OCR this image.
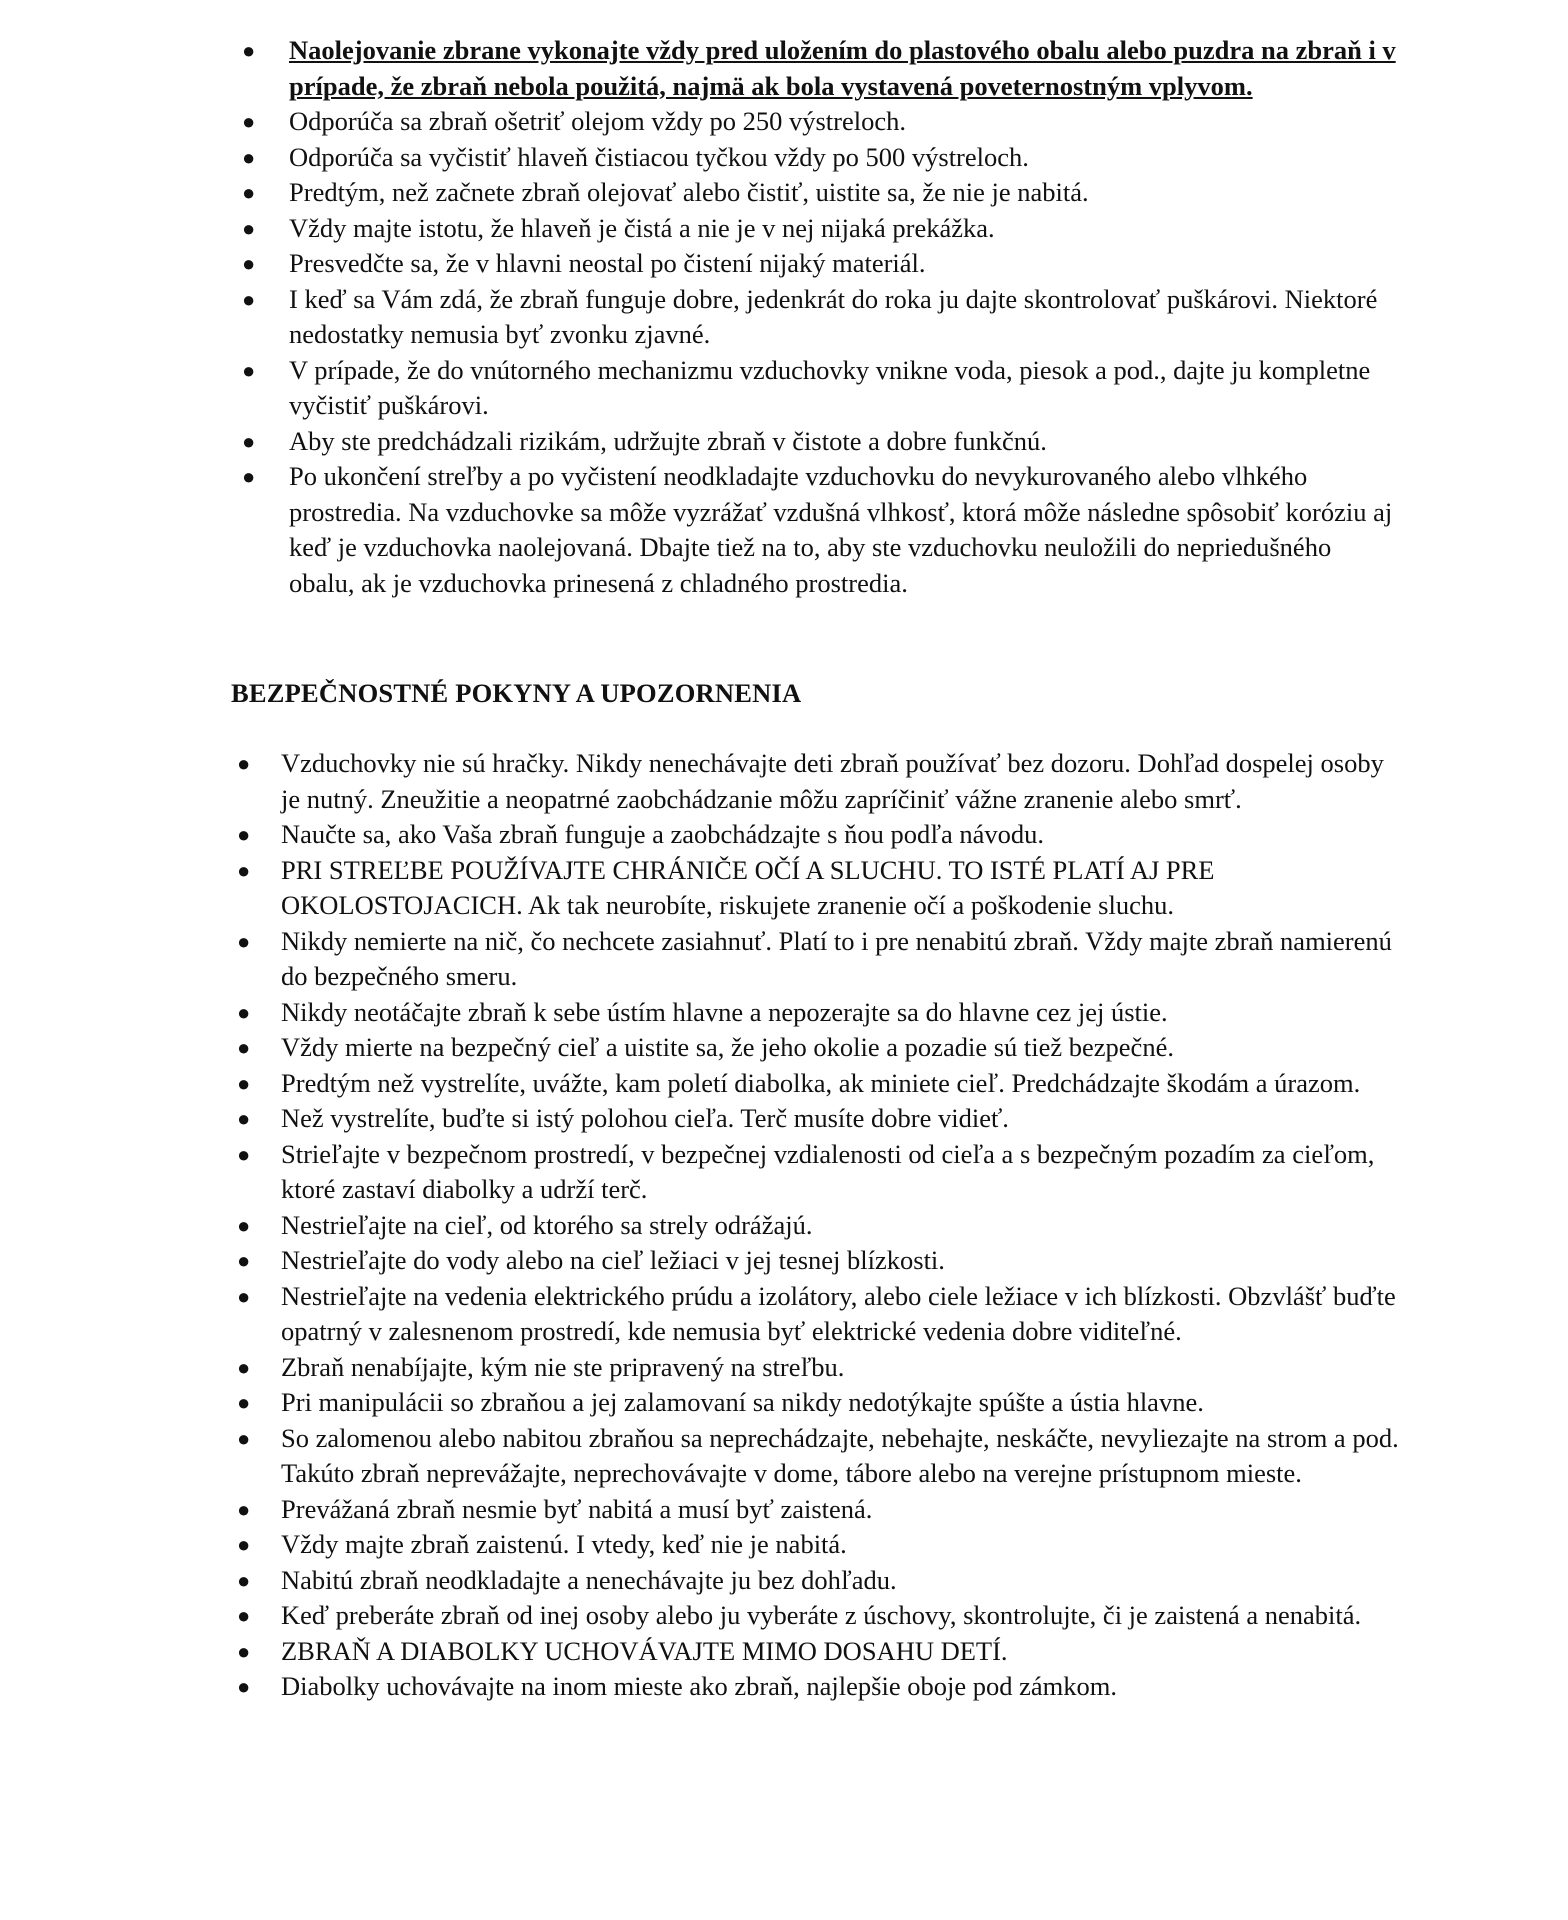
● Naolejovanie zbrane vykonajte vždy pred uložením do plastového obalu alebo puzdra na zbraň i v prípade, že zbraň nebola použitá, najmä ak bola vystavená poveternostným vplyvom.
● Odporúča sa zbraň ošetriť olejom vždy po 250 výstreloch.
● Odporúča sa vyčistiť hlaveň čistiacou tyčkou vždy po 500 výstreloch.
● Predtým, než začnete zbraň olejovať alebo čistiť, uistite sa, že nie je nabitá.
● Vždy majte istotu, že hlaveň je čistá a nie je v nej nijaká prekážka.
● Presvedčte sa, že v hlavni neostal po čistení nijaký materiál.
● I keď sa Vám zdá, že zbraň funguje dobre, jedenkrát do roka ju dajte skontrolovať puškárovi. Niektoré nedostatky nemusia byť zvonku zjavné.
● V prípade, že do vnútorného mechanizmu vzduchovky vnikne voda, piesok a pod., dajte ju kompletne vyčistiť puškárovi.
● Aby ste predchádzali rizikám, udržujte zbraň v čistote a dobre funkčnú.
● Po ukončení streľby a po vyčistení neodkladajte vzduchovku do nevykurovaného alebo vlhkého prostredia. Na vzduchovke sa môže vyzrážať vzdušná vlhkosť, ktorá môže následne spôsobiť koróziu aj keď je vzduchovka naolejovaná. Dbajte tiež na to, aby ste vzduchovku neuložili do nepriedušného obalu, ak je vzduchovka prinesená z chladného prostredia.
BEZPEČNOSTNÉ POKYNY A UPOZORNENIA
● Vzduchovky nie sú hračky. Nikdy nenechávajte deti zbraň používať bez dozoru. Dohľad dospelej osoby je nutný. Zneužitie a neopatrné zaobchádzanie môžu zapríčiniť vážne zranenie alebo smrť.
● Naučte sa, ako Vaša zbraň funguje a zaobchádzajte s ňou podľa návodu.
● PRI STREĽBE POUŽÍVAJTE CHRÁNIČE OČÍ A SLUCHU. TO ISTÉ PLATÍ AJ PRE OKOLOSTOJACICH. Ak tak neurobíte, riskujete zranenie očí a poškodenie sluchu.
● Nikdy nemierte na nič, čo nechcete zasiahnuť. Platí to i pre nenabitú zbraň. Vždy majte zbraň namierenú do bezpečného smeru.
● Nikdy neotáčajte zbraň k sebe ústím hlavne a nepozerajte sa do hlavne cez jej ústie.
● Vždy mierte na bezpečný cieľ a uistite sa, že jeho okolie a pozadie sú tiež bezpečné.
● Predtým než vystrelíte, uvážte, kam poletí diabolka, ak miniete cieľ. Predchádzajte škodám a úrazom.
● Než vystrelíte, buďte si istý polohou cieľa. Terč musíte dobre vidieť.
● Strieľajte v bezpečnom prostredí, v bezpečnej vzdialenosti od cieľa a s bezpečným pozadím za cieľom, ktoré zastaví diabolky a udrží terč.
● Nestrieľajte na cieľ, od ktorého sa strely odrážajú.
● Nestrieľajte do vody alebo na cieľ ležiaci v jej tesnej blízkosti.
● Nestrieľajte na vedenia elektrického prúdu a izolátory, alebo ciele ležiace v ich blízkosti. Obzvlášť buďte opatrný v zalesnenom prostredí, kde nemusia byť elektrické vedenia dobre viditeľné.
● Zbraň nenabíjajte, kým nie ste pripravený na streľbu.
● Pri manipulácii so zbraňou a jej zalamovaní sa nikdy nedotýkajte spúšte a ústia hlavne.
● So zalomenou alebo nabitou zbraňou sa neprechádzajte, nebehajte, neskáčte, nevyliezajte na strom a pod. Takúto zbraň neprevážajte, neprechovávajte v dome, tábore alebo na verejne prístupnom mieste.
● Prevážaná zbraň nesmie byť nabitá a musí byť zaistená.
● Vždy majte zbraň zaistenú. I vtedy, keď nie je nabitá.
● Nabitú zbraň neodkladajte a nenechávajte ju bez dohľadu.
● Keď preberáte zbraň od inej osoby alebo ju vyberáte z úschovy, skontrolujte, či je zaistená a nenabitá.
● ZBRAŇ A DIABOLKY UCHOVÁVAJTE MIMO DOSAHU DETÍ.
● Diabolky uchovávajte na inom mieste ako zbraň, najlepšie oboje pod zámkom.
